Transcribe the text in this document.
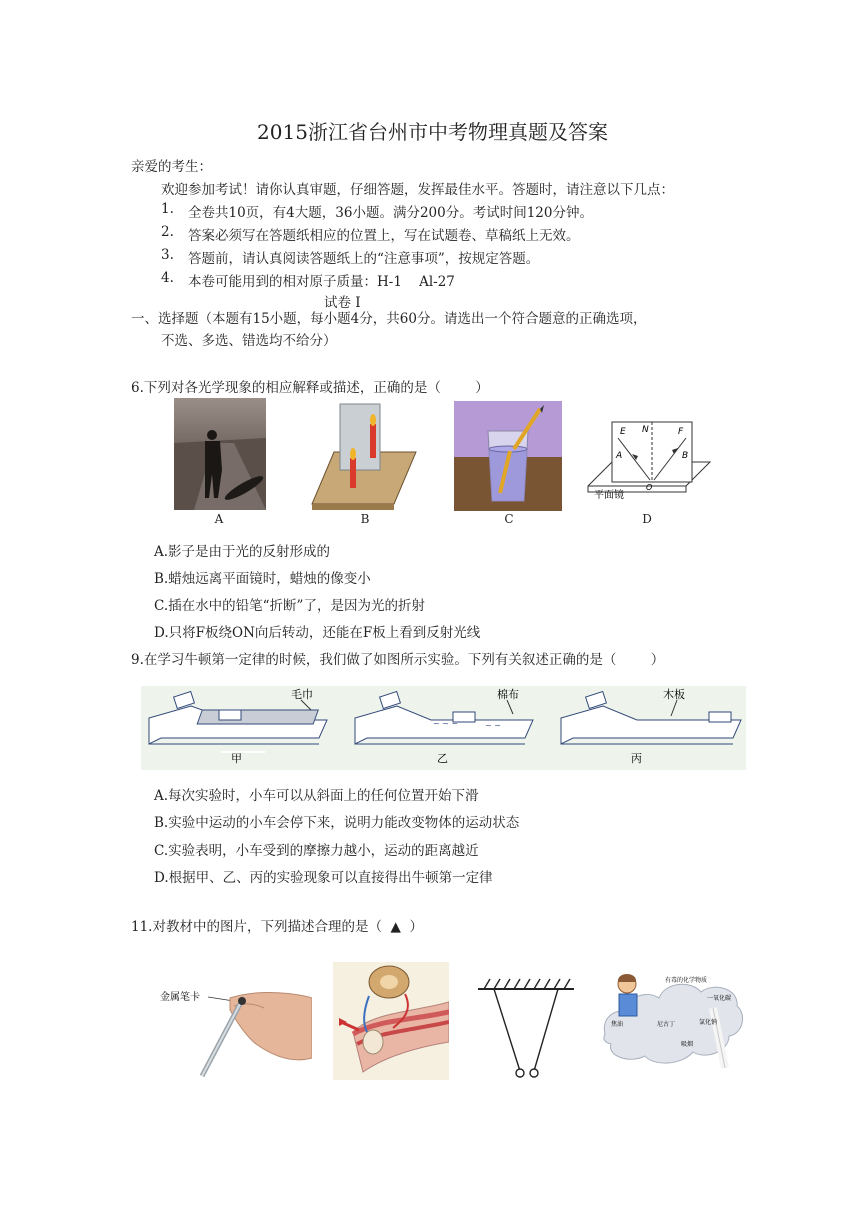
2015浙江省台州市中考物理真题及答案
亲爱的考生：
欢迎参加考试！请你认真审题，仔细答题，发挥最佳水平。答题时，请注意以下几点：
1. 全卷共10页，有4大题，36小题。满分200分。考试时间120分钟。
2. 答案必须写在答题纸相应的位置上，写在试题卷、草稿纸上无效。
3. 答题前，请认真阅读答题纸上的“注意事项”，按规定答题。
4. 本卷可能用到的相对原子质量：H-1    Al-27
试卷 I
一、选择题（本题有15小题，每小题4分，共60分。请选出一个符合题意的正确选项，
不选、多选、错选均不给分）
6.下列对各光学现象的相应解释或描述，正确的是（        ）
A	B	C
E N	F
A	B
O
平面镜
D
A.影子是由于光的反射形成的
B.蜡烛远离平面镜时，蜡烛的像变小
C.插在水中的铅笔“折断”了，是因为光的折射
D.只将F板绕ON向后转动，还能在F板上看到反射光线
9.在学习牛顿第一定律的时候，我们做了如图所示实验。下列有关叙述正确的是（        ）
毛巾
甲
~ ~ ~	~ ~
棉布
乙
木板
丙
A.每次实验时，小车可以从斜面上的任何位置开始下滑
B.实验中运动的小车会停下来，说明力能改变物体的运动状态
C.实验表明，小车受到的摩擦力越小，运动的距离越近
D.根据甲、乙、丙的实验现象可以直接得出牛顿第一定律
11.对教材中的图片，下列描述合理的是（  ▲  ）
金属笔卡
有毒的化学物质
一氧化碳
焦油	尼古丁
吸烟
氯化钠
